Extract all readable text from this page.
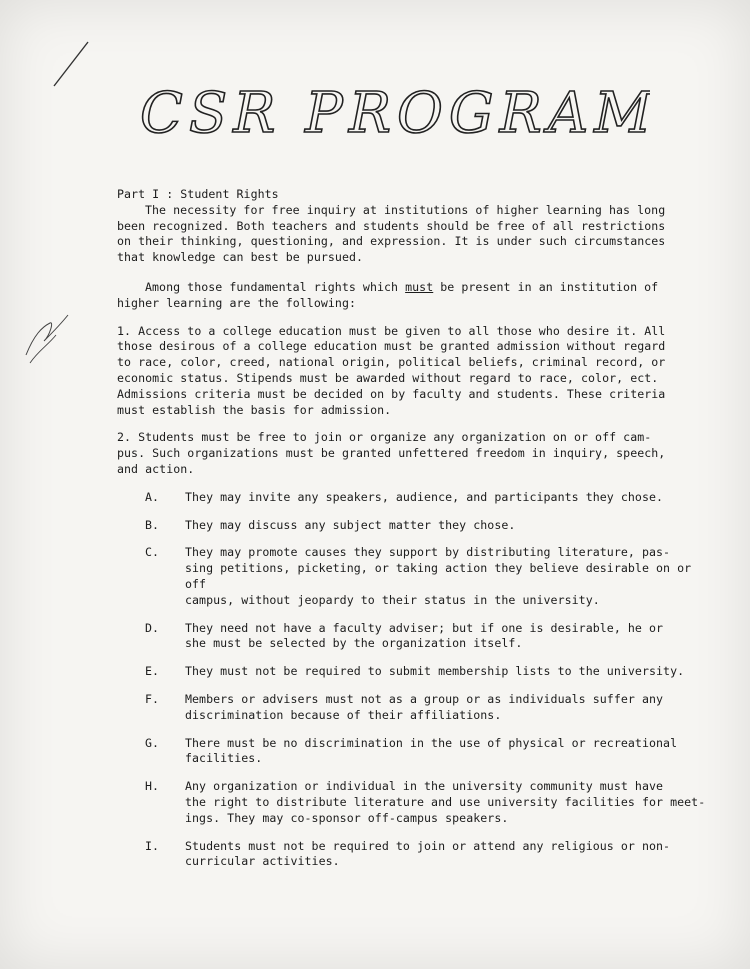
CSR PROGRAM
Part I : Student Rights

The necessity for free inquiry at institutions of higher learning has long
been recognized. Both teachers and students should be free of all restrictions
on their thinking, questioning, and expression. It is under such circumstances
that knowledge can best be pursued.

Among those fundamental rights which must be present in an institution of
higher learning are the following:

1. Access to a college education must be given to all those who desire it. All
those desirous of a college education must be granted admission without regard
to race, color, creed, national origin, political beliefs, criminal record, or
economic status. Stipends must be awarded without regard to race, color, ect.
Admissions criteria must be decided on by faculty and students. These criteria
must establish the basis for admission.

2. Students must be free to join or organize any organization on or off cam-
pus. Such organizations must be granted unfettered freedom in inquiry, speech,
and action.

A.	They may invite any speakers, audience, and participants they chose.
B.	They may discuss any subject matter they chose.
C.	They may promote causes they support by distributing literature, pas-
sing petitions, picketing, or taking action they believe desirable on or off
campus, without jeopardy to their status in the university.
D.	They need not have a faculty adviser; but if one is desirable, he or
she must be selected by the organization itself.
E.	They must not be required to submit membership lists to the university.
F.	Members or advisers must not as a group or as individuals suffer any
discrimination because of their affiliations.
G.	There must be no discrimination in the use of physical or recreational
facilities.
H.	Any organization or individual in the university community must have
the right to distribute literature and use university facilities for meet-
ings. They may co-sponsor off-campus speakers.
I.	Students must not be required to join or attend any religious or non-
curricular activities.
